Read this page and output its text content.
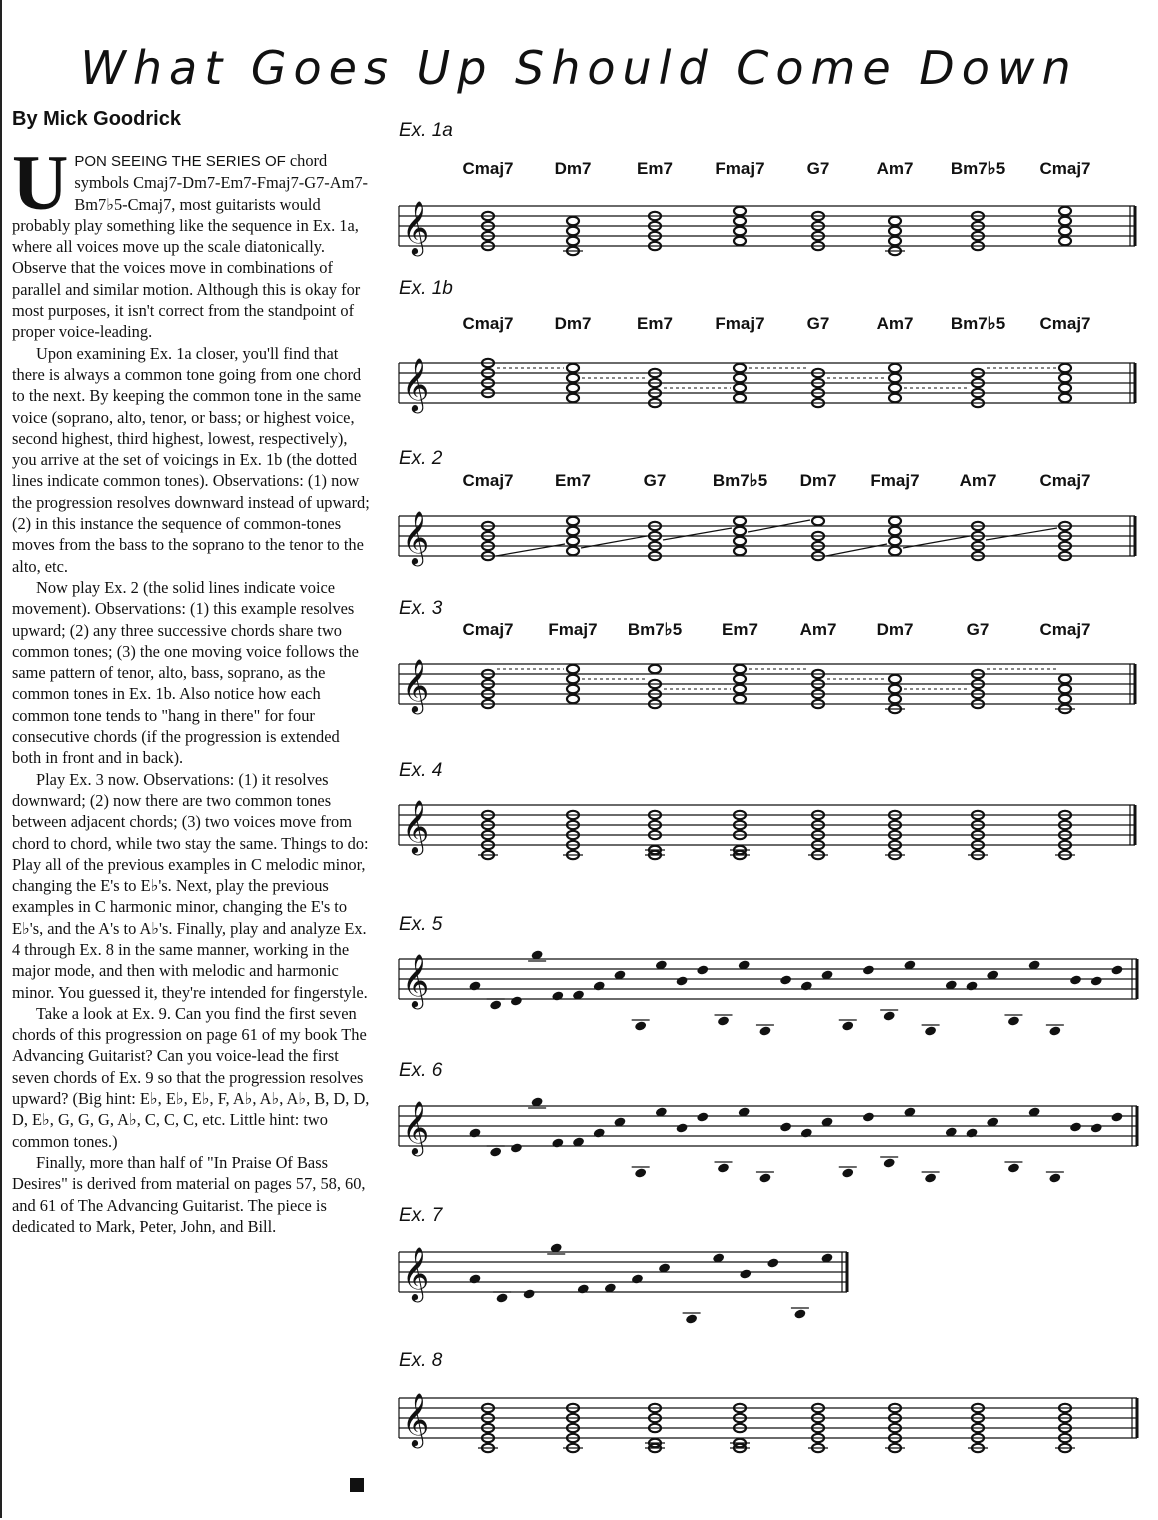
What Goes Up Should Come Down
By Mick Goodrick

UPON SEEING THE SERIES OF chord symbols Cmaj7-Dm7-Em7-Fmaj7-G7-Am7-Bm7♭5-Cmaj7, most guitarists would probably play something like the sequence in Ex. 1a, where all voices move up the scale diatonically. Observe that the voices move in combinations of parallel and similar motion. Although this is okay for most purposes, it isn't correct from the standpoint of proper voice-leading.

Upon examining Ex. 1a closer, you'll find that there is always a common tone going from one chord to the next. By keeping the common tone in the same voice (soprano, alto, tenor, or bass; or highest voice, second highest, third highest, lowest, respectively), you arrive at the set of voicings in Ex. 1b (the dotted lines indicate common tones). Observations: (1) now the progression resolves downward instead of upward; (2) in this instance the sequence of common-tones moves from the bass to the soprano to the tenor to the alto, etc.

Now play Ex. 2 (the solid lines indicate voice movement). Observations: (1) this example resolves upward; (2) any three successive chords share two common tones; (3) the one moving voice follows the same pattern of tenor, alto, bass, soprano, as the common tones in Ex. 1b. Also notice how each common tone tends to "hang in there" for four consecutive chords (if the progression is extended both in front and in back).

Play Ex. 3 now. Observations: (1) it resolves downward; (2) now there are two common tones between adjacent chords; (3) two voices move from chord to chord, while two stay the same. Things to do: Play all of the previous examples in C melodic minor, changing the E's to E♭'s. Next, play the previous examples in C harmonic minor, changing the E's to E♭'s, and the A's to A♭'s. Finally, play and analyze Ex. 4 through Ex. 8 in the same manner, working in the major mode, and then with melodic and harmonic minor. You guessed it, they're intended for fingerstyle.

Take a look at Ex. 9. Can you find the first seven chords of this progression on page 61 of my book The Advancing Guitarist? Can you voice-lead the first seven chords of Ex. 9 so that the progression resolves upward? (Big hint: E♭, E♭, E♭, F, A♭, A♭, A♭, B, D, D, D, E♭, G, G, G, A♭, C, C, C, etc. Little hint: two common tones.)

Finally, more than half of "In Praise Of Bass Desires" is derived from material on pages 57, 58, 60, and 61 of The Advancing Guitarist. The piece is dedicated to Mark, Peter, John, and Bill.

Ex. 1a
Cmaj7 Dm7	Em7 Fmaj7 G7	Am7 Bm7♭5 Cmaj7
𝄞
Ex. 1b
Cmaj7 Dm7	Em7 Fmaj7 G7	Am7 Bm7♭5 Cmaj7
𝄞
Ex. 2
Cmaj7 Em7	G7	Bm7♭5 Dm7 Fmaj7 Am7	Cmaj7
𝄞
Ex. 3
Cmaj7 Fmaj7 Bm7♭5 Em7 Am7 Dm7	G7	Cmaj7
𝄞
Ex. 4
𝄞
Ex. 5
𝄞
Ex. 6
𝄞
Ex. 7
𝄞
Ex. 8
𝄞
